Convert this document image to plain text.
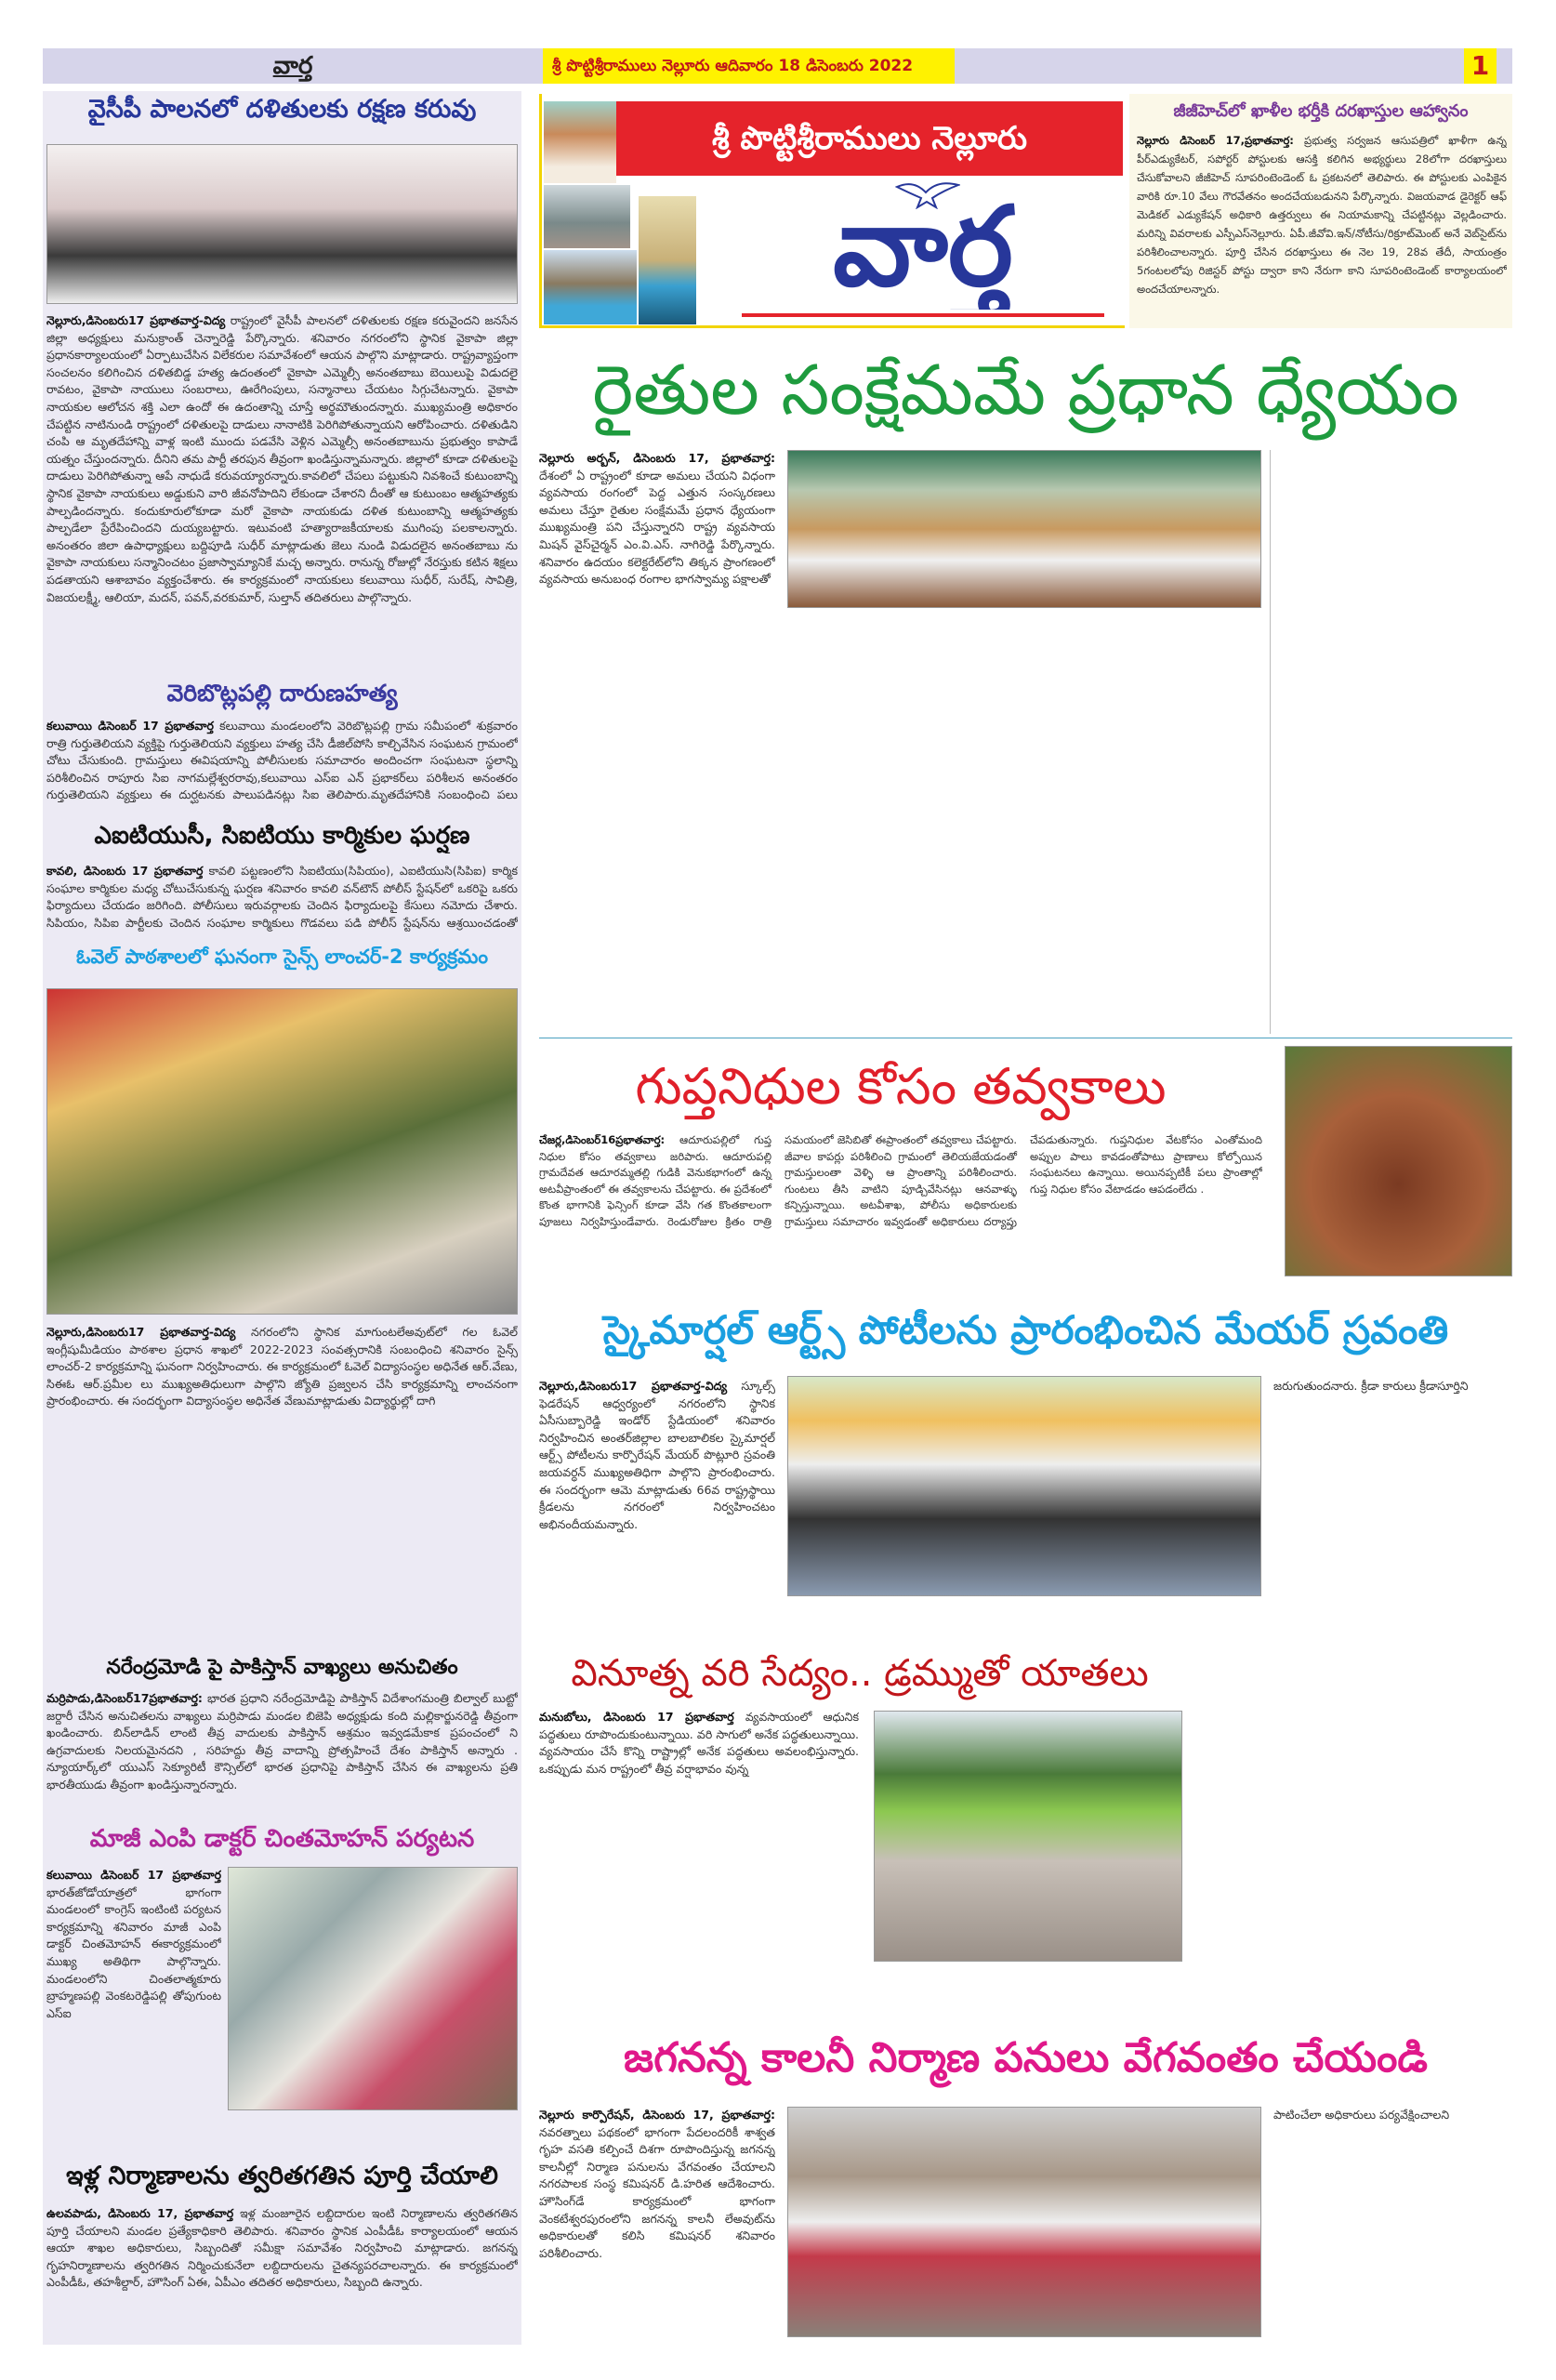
వార్త	శ్రీ పొట్టిశ్రీరాములు నెల్లూరు ఆదివారం 18 డిసెంబరు 2022	1
వైసీపీ పాలనలో దళితులకు రక్షణ కరువు
నెల్లూరు,డిసెంబరు17 ప్రభాతవార్త-విద్య రాష్ట్రంలో వైసీపీ పాలనలో దళితులకు రక్షణ కరువైందని జనసేన జిల్లా అధ్యక్షులు మనుక్రాంత్ చెన్నారెడ్డి పేర్కొన్నారు. శనివారం నగరంలోని స్థానిక వైకాపా జిల్లా ప్రధానకార్యాలయంలో ఏర్పాటుచేసిన విలేకరుల సమావేశంలో ఆయన పాల్గొని మాట్లాడారు. రాష్ట్రవ్యాప్తంగా సంచలనం కలిగించిన దళితబిడ్డ హత్య ఉదంతంలో వైకాపా ఎమ్మెల్సీ అనంతబాబు బెయిలుపై విడుదలై రావటం, వైకాపా నాయులు సంబరాలు, ఊరేగింపులు, సన్మానాలు చేయటం సిగ్గుచేటన్నారు. వైకాపా నాయకుల ఆలోచన శక్తి ఎలా ఉందో ఈ ఉదంతాన్ని చూస్తే అర్థమౌతుందన్నారు. ముఖ్యమంత్రి అధికారం చేపట్టిన నాటినుండి రాష్ట్రంలో దళితులపై దాడులు నానాటికి పెరిగిపోతున్నాయని ఆరోపించారు. దళితుడిని చంపి ఆ మృతదేహాన్ని వాళ్ల ఇంటి ముందు పడవేసి వెళ్లిన ఎమ్మెల్సీ అనంతబాబును ప్రభుత్వం కాపాడే యత్నం చేస్తుందన్నారు. దీనిని తమ పార్టీ తరపున తీవ్రంగా ఖండిస్తున్నామన్నారు. జిల్లాలో కూడా దళితులపై దాడులు పెరిగిపోతున్నా ఆపే నాధుడే కరువయ్యారన్నారు.కావలిలో చేపలు పట్టుకుని నివశించే కుటుంబాన్ని స్థానిక వైకాపా నాయకులు అడ్డుకుని వారి జీవనోపాదిని లేకుండా చేశారని దీంతో ఆ కుటుంబం ఆత్మహత్యకు పాల్పడిందన్నారు. కందుకూరులోకూడా మరో వైకాపా నాయకుడు దళిత కుటుంబాన్ని ఆత్మహత్యకు పాల్పడేలా ప్రేరేపించిందని దుయ్యబట్టారు. ఇటువంటి హత్యారాజకీయాలకు ముగింపు పలకాలన్నారు. అనంతరం జిలా ఉపాధ్యాక్షులు బద్దిపూడి సుధీర్ మాట్లాడుతు జెలు నుండి విడుదలైన అనంతబాబు ను వైకాపా నాయకులు సన్మానించటం ప్రజాస్వామ్యానికే మచ్చ అన్నారు. రానున్న రోజుల్లో నేరస్తుకు కటిన శిక్షలు పడతాయని ఆశాబావం వ్యక్తంచేశారు. ఈ కార్యక్రమంలో నాయకులు కలువాయి సుధీర్, సురేష్, సావిత్రి, విజయలక్ష్మీ, ఆలియా, మదన్, పవన్,వరకుమార్, సుల్తాన్ తదితరులు పాల్గొన్నారు.
వెరిబొట్లపల్లి దారుణహత్య
కలువాయి డిసెంబర్ 17 ప్రభాతవార్త కలువాయి మండలంలోని వెరిబొట్లపల్లి గ్రామ సమీపంలో శుక్రవారం రాత్రి గుర్తుతెలియని వ్యక్తిపై గుర్తుతెలియని వ్యక్తులు హత్య చేసి డీజిల్‌పోసి కాల్చివేసిన సంఘటన గ్రామంలో చోటు చేసుకుంది. గ్రామస్తులు ఈవిషయాన్ని పోలీసులకు సమాచారం అందించగా సంఘటనా స్థలాన్ని పరిశీలించిన రాపూరు సిఐ నాగమల్లేశ్వరరావు,కలువాయి ఎస్‌ఐ ఎన్ ప్రభాకర్‌లు పరిశీలన అనంతరం గుర్తుతెలియని వ్యక్తులు ఈ దుర్ఘటనకు పాలుపడినట్లు సిఐ తెలిపారు.మృతదేహానికి సంబంధించి పలు
ఎఐటియుసీ, సిఐటియు కార్మికుల ఘర్షణ
కావలి, డిసెంబరు 17 ప్రభాతవార్త కావలి పట్టణంలోని సిఐటియు(సిపియం), ఎఐటియుసి(సిపిఐ) కార్మిక సంఘాల కార్మికుల మధ్య చోటుచేసుకున్న ఘర్షణ శనివారం కావలి వన్‌టౌన్ పోలీస్ స్టేషన్‌లో ఒకరిపై ఒకరు ఫిర్యాదులు చేయడం జరిగింది. పోలీసులు ఇరువర్గాలకు చెందిన ఫిర్యాదులపై కేసులు నమోదు చేశారు. సిపియం, సిపిఐ పార్టీలకు చెందిన సంఘాల కార్మికులు గొడవలు పడి పోలీస్ స్టేషన్‌ను ఆశ్రయించడంతో
ఓవెల్ పాఠశాలలో ఘనంగా సైన్స్ లాంచర్-2 కార్యక్రమం
నెల్లూరు,డిసెంబరు17 ప్రభాతవార్త-విద్య నగరంలోని స్థానిక మాగుంటలేఅవుట్‌లో గల ఓవెల్ ఇంగ్లీషుమీడియం పాఠశాల ప్రధాన శాఖలో 2022-2023 సంవత్సరానికి సంబంధించి శనివారం సైన్స్ లాంచర్-2 కార్యక్రమాన్ని ఘనంగా నిర్వహించారు. ఈ కార్యక్రమంలో ఓవెల్ విద్యాసంస్థల అధినేత ఆర్.వేణు, సిఈఓ ఆర్.ప్రమీల లు ముఖ్యఅతిధులుగా పాల్గొని జ్యోతి ప్రజ్వలన చేసి కార్యక్రమాన్ని లాంచనంగా ప్రారంభించారు. ఈ సందర్భంగా విద్యాసంస్థల అధినేత వేణుమాట్లాడుతు విద్యార్థుల్లో దాగి
నరేంద్రమోడి పై పాకిస్తాన్ వాఖ్యలు అనుచితం
మర్రిపాడు,డిసెంబర్17ప్రభాతవార్త: భారత ప్రధాని నరేంద్రమోడిపై పాకిస్తాన్ విదేశాంగమంత్రి బిల్వాల్ బుట్టో జర్దారీ చేసిన అనుచితలను వాఖ్యలు మర్రిపాడు మండల బిజెపి అధ్యక్షుడు కంది మల్లికార్జునరెడ్డి తీవ్రంగా ఖండించారు. బిన్‌లాడిన్ లాంటి తీవ్ర వాదులకు పాకిస్తాన్ ఆశ్రమం ఇవ్వడమేకాక ప్రపంచంలో ని ఉగ్రవాదులకు నిలయమైనదని , సరిహద్దు తీవ్ర వాదాన్ని ప్రోత్సహించే దేశం పాకిస్తాన్ అన్నారు . న్యూయార్క్‌లో యుఎస్ సెక్యూరిటీ కౌన్సిల్‌లో భారత ప్రధానిపై పాకిస్తాన్ చేసిన ఈ వాఖ్యలను ప్రతి భారతీయుడు తీవ్రంగా ఖండిస్తున్నారన్నారు.
మాజీ ఎంపి డాక్టర్ చింతమోహన్ పర్యటన
కలువాయి డిసెంబర్ 17 ప్రభాతవార్త భారత్‌జోడోయాత్రలో భాగంగా మండలంలో కాంగ్రెస్ ఇంటింటి పర్యటన కార్యక్రమాన్ని శనివారం మాజీ ఎంపి డాక్టర్ చింతమోహన్ ఈకార్యక్రమంలో ముఖ్య అతిథిగా పాల్గొన్నారు. మండలంలోని చింతలాత్మకూరు బ్రాహ్మణపల్లి వెంకటరెడ్డిపల్లి తోపుగుంట ఎస్‌ఐ
ఇళ్ల నిర్మాణాలను త్వరితగతిన పూర్తి చేయాలి
ఉలవపాడు, డిసెంబరు 17, ప్రభాతవార్త ఇళ్ల మంజూరైన లబ్దిదారుల ఇంటి నిర్మాణాలను త్వరితగతిన పూర్తి చేయాలని మండల ప్రత్యేకాధికారి తెలిపారు. శనివారం స్థానిక ఎంపీడీఓ కార్యాలయంలో ఆయన ఆయా శాఖల అధికారులు, సిబ్బందితో సమీక్షా సమావేశం నిర్వహించి మాట్లాడారు. జగనన్న గృహనిర్మాణాలను త్వరిగతిన నిర్మించుకునేలా లబ్దిదారులను చైతన్యపరచాలన్నారు. ఈ కార్యక్రమంలో ఎంపీడీఓ, తహశీల్దార్, హౌసింగ్ ఏఈ, ఏపీఎం తదితర అధికారులు, సిబ్బంది ఉన్నారు.
శ్రీ పొట్టిశ్రీరాములు నెల్లూరు
వార్త
జీజీహెచ్‌లో ఖాళీల భర్తీకి దరఖాస్తుల ఆహ్వానం
నెల్లూరు డిసెంబర్ 17,ప్రభాతవార్త: ప్రభుత్వ సర్వజన ఆసుపత్రిలో ఖాళీగా ఉన్న పీర్‌ఎడ్యుకేటర్, సపోర్టర్ పోస్టులకు ఆసక్తి కలిగిన అభ్యర్థులు 28లోగా దరఖాస్తులు చేసుకోవాలని జీజీహెచ్ సూపరింటెండెంట్ ఓ ప్రకటనలో తెలిపారు. ఈ పోస్టులకు ఎంపికైన వారికి రూ.10 వేలు గౌరవేతనం అందచేయబడునని పేర్కొన్నారు. విజయవాడ డైరెక్టర్ ఆఫ్ మెడికల్ ఎడ్యుకేషన్ అధికారి ఉత్తర్వులు ఈ నియామకాన్ని చేపట్టినట్లు వెల్లడించారు. మరిన్ని వివరాలకు ఎస్పీఎస్‌నెల్లూరు. ఏపీ.జీవోవి.ఇన్/నోటీసు/రిక్రూట్‌మెంట్ అనే వెబ్‌సైట్‌ను పరిశీలించాలన్నారు. పూర్తి చేసిన దరఖాస్తులు ఈ నెల 19, 28వ తేదీ, సాయంత్రం 5గంటలలోపు రిజిస్టర్ పోస్టు ద్వారా కాని నేరుగా కాని సూపరింటెండెంట్ కార్యాలయంలో అందచేయాలన్నారు.
రైతుల సంక్షేమమే ప్రధాన ధ్యేయం
నెల్లూరు అర్బన్, డిసెంబరు 17, ప్రభాతవార్త: దేశంలో ఏ రాష్ట్రంలో కూడా అమలు చేయని విధంగా వ్యవసాయ రంగంలో పెద్ద ఎత్తున సంస్కరణలు అమలు చేస్తూ రైతుల సంక్షేమమే ప్రధాన ధ్యేయంగా ముఖ్యమంత్రి పని చేస్తున్నారని రాష్ట్ర వ్యవసాయ మిషన్ వైస్‌చైర్మన్ ఎం.వి.ఎస్. నాగిరెడ్డి పేర్కొన్నారు. శనివారం ఉదయం కలెక్టరేట్‌లోని తిక్కన ప్రాంగణంలో వ్యవసాయ అనుబంధ రంగాల భాగస్వామ్య పక్షాలతో
గుప్తనిధుల కోసం తవ్వకాలు
చేజర్ల,డిసెంబర్16ప్రభాతవార్త: ఆదూరుపల్లిలో గుప్త నిధుల కోసం తవ్వకాలు జరిపారు. ఆదూరుపల్లి గ్రామదేవత ఆదూరమ్మతల్లి గుడికి వెనుకభాగంలో ఉన్న అటవీప్రాంతంలో ఈ తవ్వకాలను చేపట్టారు. ఈ ప్రదేశంలో కొంత భాగానికి ఫెన్సింగ్ కూడా వేసి గత కొంతకాలంగా పూజలు నిర్వహిస్తుండేవారు. రెండురోజుల క్రితం రాత్రి సమయంలో జెసిబితో ఈప్రాంతంలో తవ్వకాలు చేపట్టారు. జీవాల కాపర్లు పరిశీలించి గ్రామంలో తెలియజేయడంతో గ్రామస్తులంతా వెళ్ళి ఆ ప్రాంతాన్ని పరిశీలించారు. గుంటలు తీసి వాటిని పూడ్చివేసినట్లు ఆనవాళ్ళు కన్పిస్తున్నాయి. అటవీశాఖ, పోలీసు అధికారులకు గ్రామస్తులు సమాచారం ఇవ్వడంతో అధికారులు దర్యాప్తు చేపడుతున్నారు. గుప్తనిధుల వేటకోసం ఎంతోమంది అప్పుల పాలు కావడంతోపాటు ప్రాణాలు కోల్పోయిన సంఘటనలు ఉన్నాయి. అయినప్పటికీ పలు ప్రాంతాల్లో గుప్త నిధుల కోసం వేటాడడం ఆపడంలేదు .
స్కైమార్షల్ ఆర్ట్స్ పోటీలను ప్రారంభించిన మేయర్ స్రవంతి
నెల్లూరు,డిసెంబరు17 ప్రభాతవార్త-విద్య స్కూల్స్ ఫెడరేషన్ ఆధ్వర్యంలో నగరంలోని స్థానిక ఏసీసుబ్బారెడ్డి ఇండోర్ స్టేడియంలో శనివారం నిర్వహించిన అంతర్‌జిల్లాల బాలబాలికల స్కైమార్షల్ ఆర్ట్స్ పోటీలను కార్పొరేషన్ మేయర్ పొట్లూరి స్రవంతి జయవర్ధన్ ముఖ్యఅతిధిగా పాల్గొని ప్రారంభించారు. ఈ సందర్భంగా ఆమె మాట్లాడుతు 66వ రాష్ట్రస్థాయి క్రీడలను నగరంలో నిర్వహించటం అభినందీయమన్నారు.
జరుగుతుందనారు. క్రీడా కారులు క్రీడాసూర్తిని
వినూత్న వరి సేద్యం.. డ్రమ్ముతో యాతలు
మనుబోలు, డిసెంబరు 17 ప్రభాతవార్త వ్యవసాయంలో ఆధునిక పద్ధతులు రూపొందుకుంటున్నాయి. వరి సాగులో అనేక పద్ధతులున్నాయి. వ్యవసాయం చేసే కొన్ని రాష్ట్రాల్లో అనేక పద్ధతులు అవలంభిస్తున్నారు. ఒకప్పుడు మన రాష్ట్రంలో తీవ్ర వర్షాభావం వున్న
జగనన్న కాలనీ నిర్మాణ పనులు వేగవంతం చేయండి
నెల్లూరు కార్పొరేషన్, డిసెంబరు 17, ప్రభాతవార్త: నవరత్నాలు పథకంలో భాగంగా పేదలందరికీ శాశ్వత గృహ వసతి కల్పించే దిశగా రూపొందిస్తున్న జగనన్న కాలనీల్లో నిర్మాణ పనులను వేగవంతం చేయాలని నగరపాలక సంస్థ కమిషనర్ డి.హరిత ఆదేశించారు. హౌసింగ్‌డే కార్యక్రమంలో భాగంగా వెంకటేశ్వరపురంలోని జగనన్న కాలనీ లేఅవుట్‌ను అధికారులతో కలిసి కమిషనర్ శనివారం పరిశీలించారు.
పాటించేలా అధికారులు పర్యవేక్షించాలని
